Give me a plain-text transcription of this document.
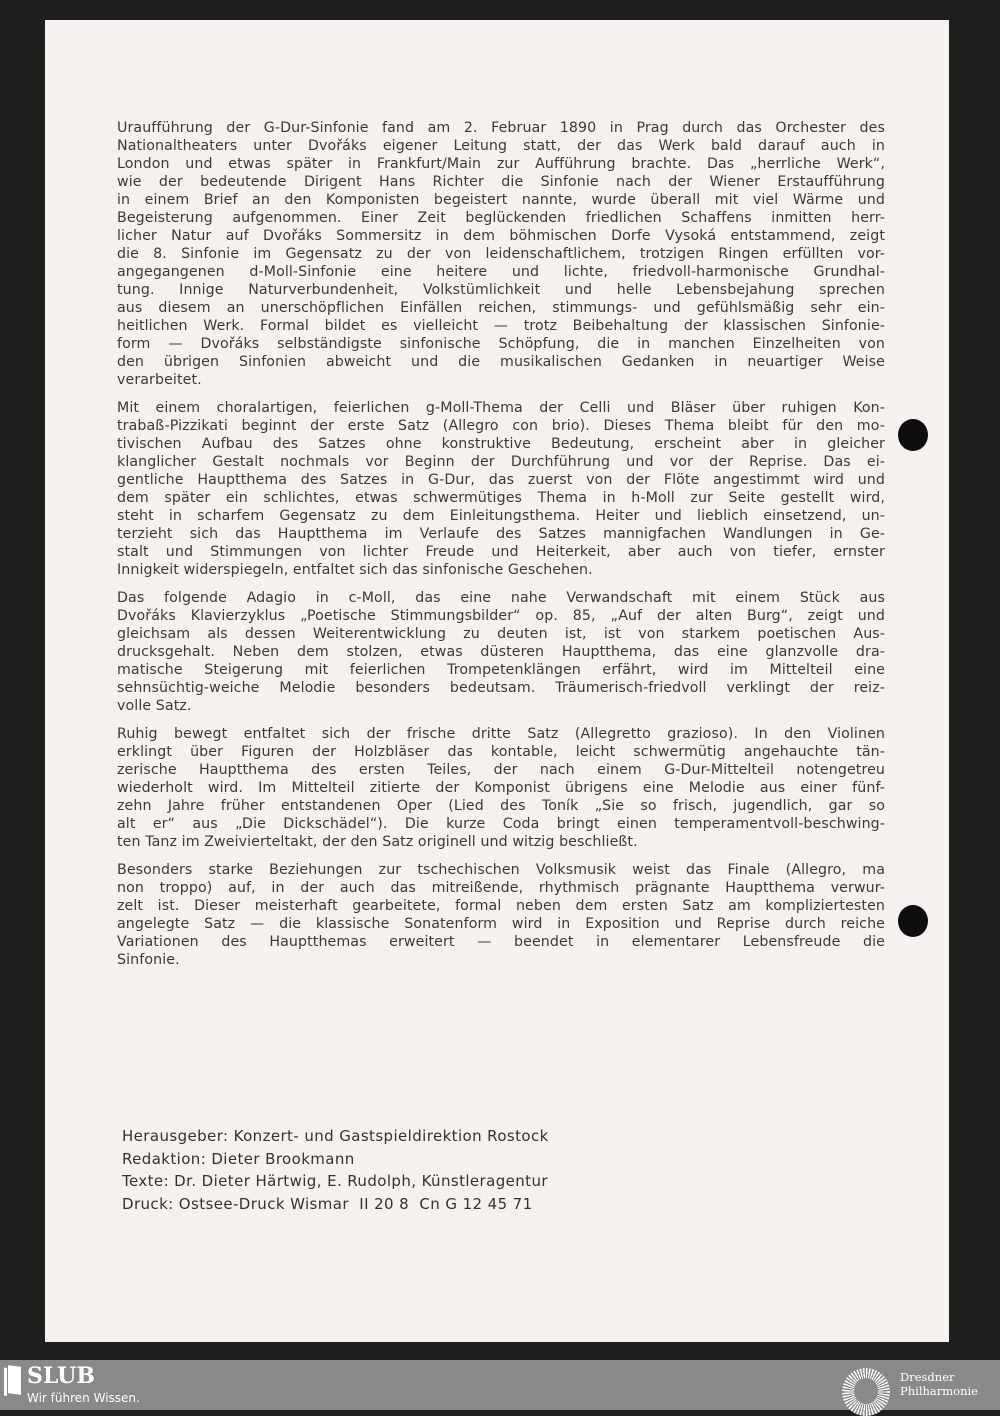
Uraufführung der G-Dur-Sinfonie fand am 2. Februar 1890 in Prag durch das Orchester des
Nationaltheaters unter Dvořáks eigener Leitung statt, der das Werk bald darauf auch in
London und etwas später in Frankfurt/Main zur Aufführung brachte. Das „herrliche Werk“,
wie der bedeutende Dirigent Hans Richter die Sinfonie nach der Wiener Erstaufführung
in einem Brief an den Komponisten begeistert nannte, wurde überall mit viel Wärme und
Begeisterung aufgenommen. Einer Zeit beglückenden friedlichen Schaffens inmitten herr-
licher Natur auf Dvořáks Sommersitz in dem böhmischen Dorfe Vysoká entstammend, zeigt
die 8. Sinfonie im Gegensatz zu der von leidenschaftlichem, trotzigen Ringen erfüllten vor-
angegangenen d-Moll-Sinfonie eine heitere und lichte, friedvoll-harmonische Grundhal-
tung. Innige Naturverbundenheit, Volkstümlichkeit und helle Lebensbejahung sprechen
aus diesem an unerschöpflichen Einfällen reichen, stimmungs- und gefühlsmäßig sehr ein-
heitlichen Werk. Formal bildet es vielleicht — trotz Beibehaltung der klassischen Sinfonie-
form — Dvořáks selbständigste sinfonische Schöpfung, die in manchen Einzelheiten von
den übrigen Sinfonien abweicht und die musikalischen Gedanken in neuartiger Weise
verarbeitet.
Mit einem choralartigen, feierlichen g-Moll-Thema der Celli und Bläser über ruhigen Kon-
trabaß-Pizzikati beginnt der erste Satz (Allegro con brio). Dieses Thema bleibt für den mo-
tivischen Aufbau des Satzes ohne konstruktive Bedeutung, erscheint aber in gleicher
klanglicher Gestalt nochmals vor Beginn der Durchführung und vor der Reprise. Das ei-
gentliche Hauptthema des Satzes in G-Dur, das zuerst von der Flöte angestimmt wird und
dem später ein schlichtes, etwas schwermütiges Thema in h-Moll zur Seite gestellt wird,
steht in scharfem Gegensatz zu dem Einleitungsthema. Heiter und lieblich einsetzend, un-
terzieht sich das Hauptthema im Verlaufe des Satzes mannigfachen Wandlungen in Ge-
stalt und Stimmungen von lichter Freude und Heiterkeit, aber auch von tiefer, ernster
Innigkeit widerspiegeln, entfaltet sich das sinfonische Geschehen.
Das folgende Adagio in c-Moll, das eine nahe Verwandschaft mit einem Stück aus
Dvořáks Klavierzyklus „Poetische Stimmungsbilder“ op. 85, „Auf der alten Burg“, zeigt und
gleichsam als dessen Weiterentwicklung zu deuten ist, ist von starkem poetischen Aus-
drucksgehalt. Neben dem stolzen, etwas düsteren Hauptthema, das eine glanzvolle dra-
matische Steigerung mit feierlichen Trompetenklängen erfährt, wird im Mittelteil eine
sehnsüchtig-weiche Melodie besonders bedeutsam. Träumerisch-friedvoll verklingt der reiz-
volle Satz.
Ruhig bewegt entfaltet sich der frische dritte Satz (Allegretto grazioso). In den Violinen
erklingt über Figuren der Holzbläser das kontable, leicht schwermütig angehauchte tän-
zerische Hauptthema des ersten Teiles, der nach einem G-Dur-Mittelteil notengetreu
wiederholt wird. Im Mittelteil zitierte der Komponist übrigens eine Melodie aus einer fünf-
zehn Jahre früher entstandenen Oper (Lied des Toník „Sie so frisch, jugendlich, gar so
alt er“ aus „Die Dickschädel“). Die kurze Coda bringt einen temperamentvoll-beschwing-
ten Tanz im Zweivierteltakt, der den Satz originell und witzig beschließt.
Besonders starke Beziehungen zur tschechischen Volksmusik weist das Finale (Allegro, ma
non troppo) auf, in der auch das mitreißende, rhythmisch prägnante Hauptthema verwur-
zelt ist. Dieser meisterhaft gearbeitete, formal neben dem ersten Satz am kompliziertesten
angelegte Satz — die klassische Sonatenform wird in Exposition und Reprise durch reiche
Variationen des Hauptthemas erweitert — beendet in elementarer Lebensfreude die
Sinfonie.
Herausgeber: Konzert- und Gastspieldirektion Rostock
Redaktion: Dieter Brookmann
Texte: Dr. Dieter Härtwig, E. Rudolph, Künstleragentur
Druck: Ostsee-Druck Wismar  II 20 8  Cn G 12 45 71
SLUB
Wir führen Wissen.
Dresdner
Philharmonie
